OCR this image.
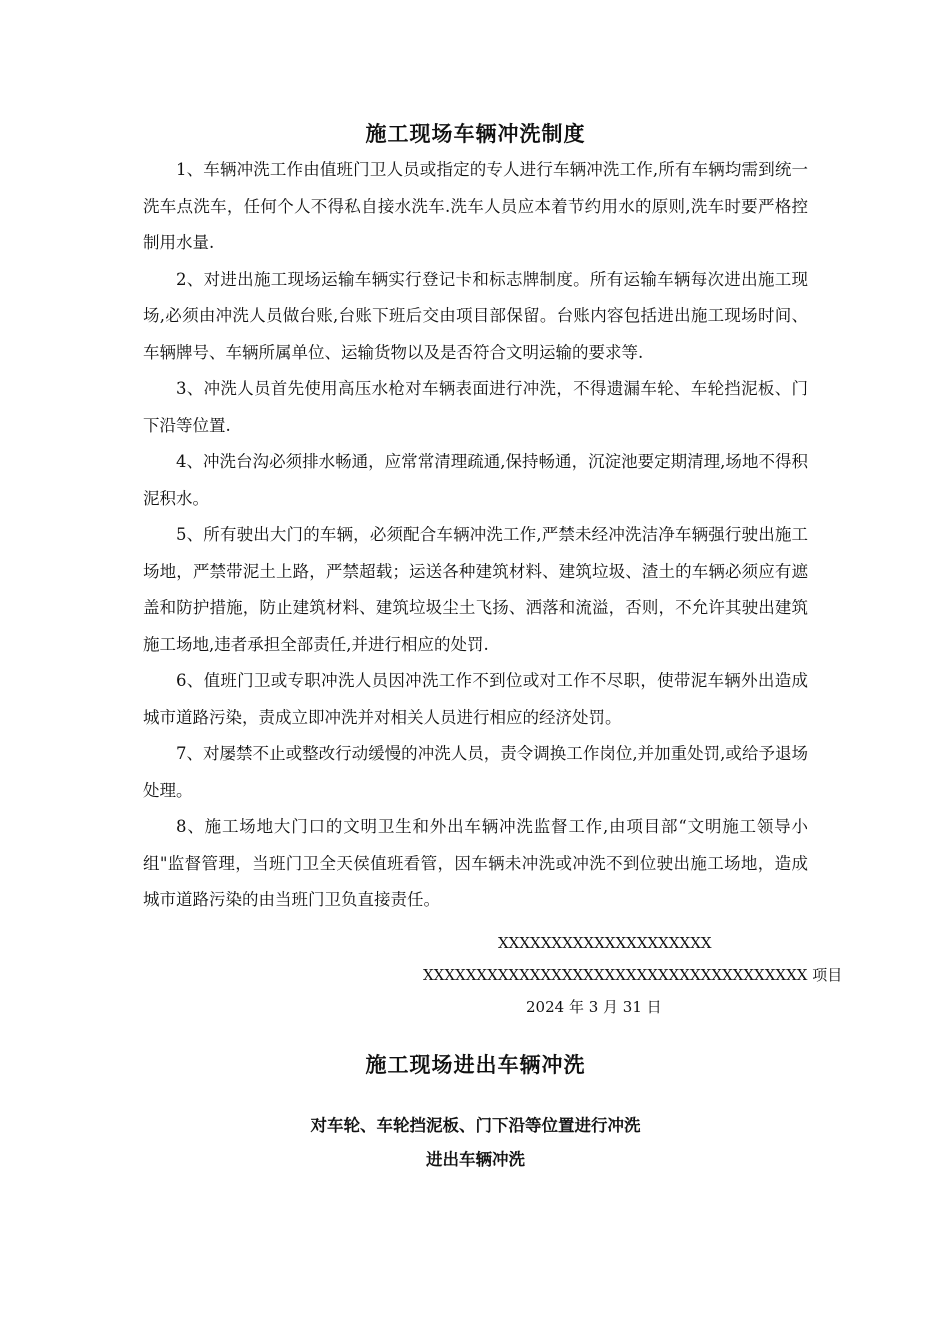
施工现场车辆冲洗制度

1、车辆冲洗工作由值班门卫人员或指定的专人进行车辆冲洗工作,所有车辆均需到统一洗车点洗车，任何个人不得私自接水洗车.洗车人员应本着节约用水的原则,洗车时要严格控制用水量.

2、对进出施工现场运输车辆实行登记卡和标志牌制度。所有运输车辆每次进出施工现场,必须由冲洗人员做台账,台账下班后交由项目部保留。台账内容包括进出施工现场时间、车辆牌号、车辆所属单位、运输货物以及是否符合文明运输的要求等.

3、冲洗人员首先使用高压水枪对车辆表面进行冲洗，不得遗漏车轮、车轮挡泥板、门下沿等位置.

4、冲洗台沟必须排水畅通，应常常清理疏通,保持畅通，沉淀池要定期清理,场地不得积泥积水。

5、所有驶出大门的车辆，必须配合车辆冲洗工作,严禁未经冲洗洁净车辆强行驶出施工场地，严禁带泥土上路，严禁超载；运送各种建筑材料、建筑垃圾、渣土的车辆必须应有遮盖和防护措施，防止建筑材料、建筑垃圾尘土飞扬、洒落和流溢，否则，不允许其驶出建筑施工场地,违者承担全部责任,并进行相应的处罚.

6、值班门卫或专职冲洗人员因冲洗工作不到位或对工作不尽职，使带泥车辆外出造成城市道路污染，责成立即冲洗并对相关人员进行相应的经济处罚。

7、对屡禁不止或整改行动缓慢的冲洗人员，责令调换工作岗位,并加重处罚,或给予退场处理。

8、施工场地大门口的文明卫生和外出车辆冲洗监督工作,由项目部“文明施工领导小组"监督管理，当班门卫全天侯值班看管，因车辆未冲洗或冲洗不到位驶出施工场地，造成城市道路污染的由当班门卫负直接责任。

XXXXXXXXXXXXXXXXXXXX

XXXXXXXXXXXXXXXXXXXXXXXXXXXXXXXXXXXX 项目

2024 年 3 月 31 日

施工现场进出车辆冲洗

对车轮、车轮挡泥板、门下沿等位置进行冲洗

进出车辆冲洗
